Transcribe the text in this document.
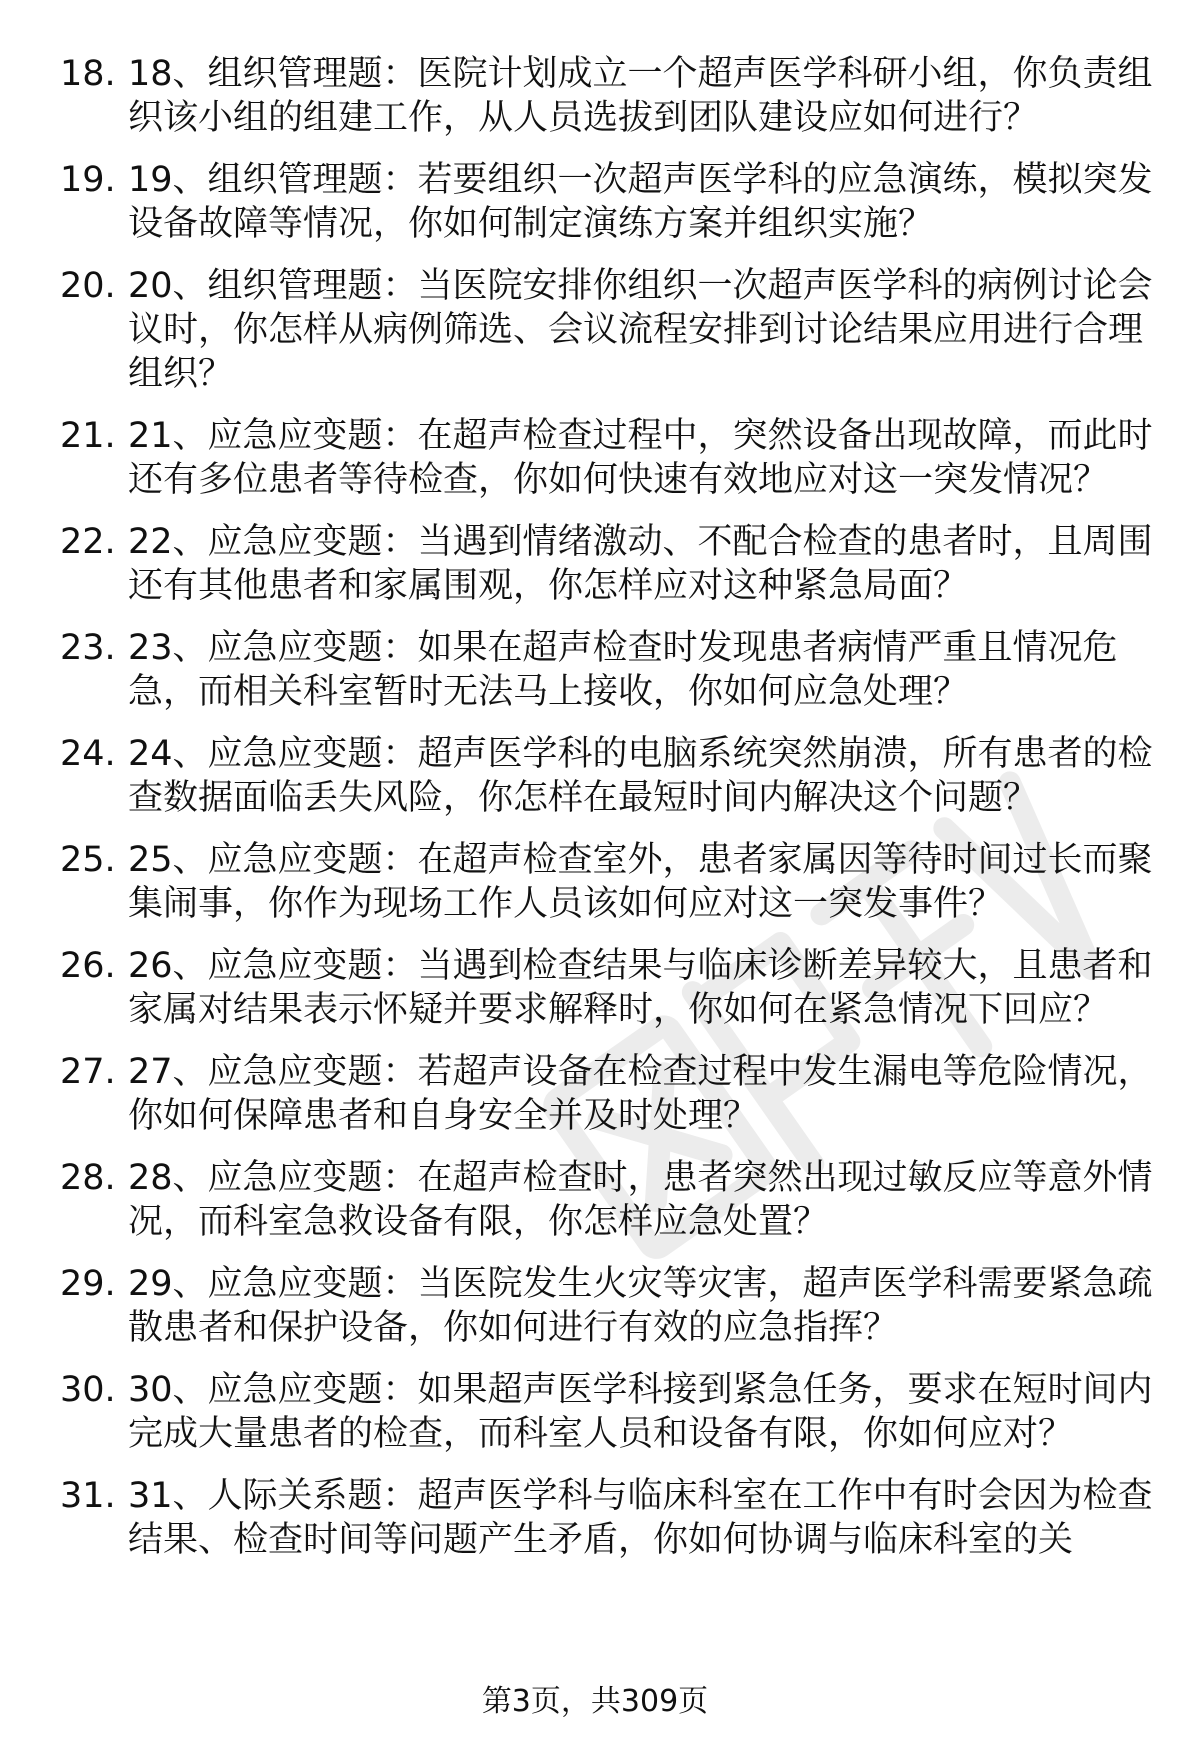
18. 18、组织管理题：医院计划成立一个超声医学科研小组，你负责组织该小组的组建工作，从人员选拔到团队建设应如何进行？
19. 19、组织管理题：若要组织一次超声医学科的应急演练，模拟突发设备故障等情况，你如何制定演练方案并组织实施？
20. 20、组织管理题：当医院安排你组织一次超声医学科的病例讨论会议时，你怎样从病例筛选、会议流程安排到讨论结果应用进行合理组织？
21. 21、应急应变题：在超声检查过程中，突然设备出现故障，而此时还有多位患者等待检查，你如何快速有效地应对这一突发情况？
22. 22、应急应变题：当遇到情绪激动、不配合检查的患者时，且周围还有其他患者和家属围观，你怎样应对这种紧急局面？
23. 23、应急应变题：如果在超声检查时发现患者病情严重且情况危急，而相关科室暂时无法马上接收，你如何应急处理？
24. 24、应急应变题：超声医学科的电脑系统突然崩溃，所有患者的检查数据面临丢失风险，你怎样在最短时间内解决这个问题？
25. 25、应急应变题：在超声检查室外，患者家属因等待时间过长而聚集闹事，你作为现场工作人员该如何应对这一突发事件？
26. 26、应急应变题：当遇到检查结果与临床诊断差异较大，且患者和家属对结果表示怀疑并要求解释时，你如何在紧急情况下回应？
27. 27、应急应变题：若超声设备在检查过程中发生漏电等危险情况，你如何保障患者和自身安全并及时处理？
28. 28、应急应变题：在超声检查时，患者突然出现过敏反应等意外情况，而科室急救设备有限，你怎样应急处置？
29. 29、应急应变题：当医院发生火灾等灾害，超声医学科需要紧急疏散患者和保护设备，你如何进行有效的应急指挥？
30. 30、应急应变题：如果超声医学科接到紧急任务，要求在短时间内完成大量患者的检查，而科室人员和设备有限，你如何应对？
31. 31、人际关系题：超声医学科与临床科室在工作中有时会因为检查结果、检查时间等问题产生矛盾，你如何协调与临床科室的关
第3页，共309页
